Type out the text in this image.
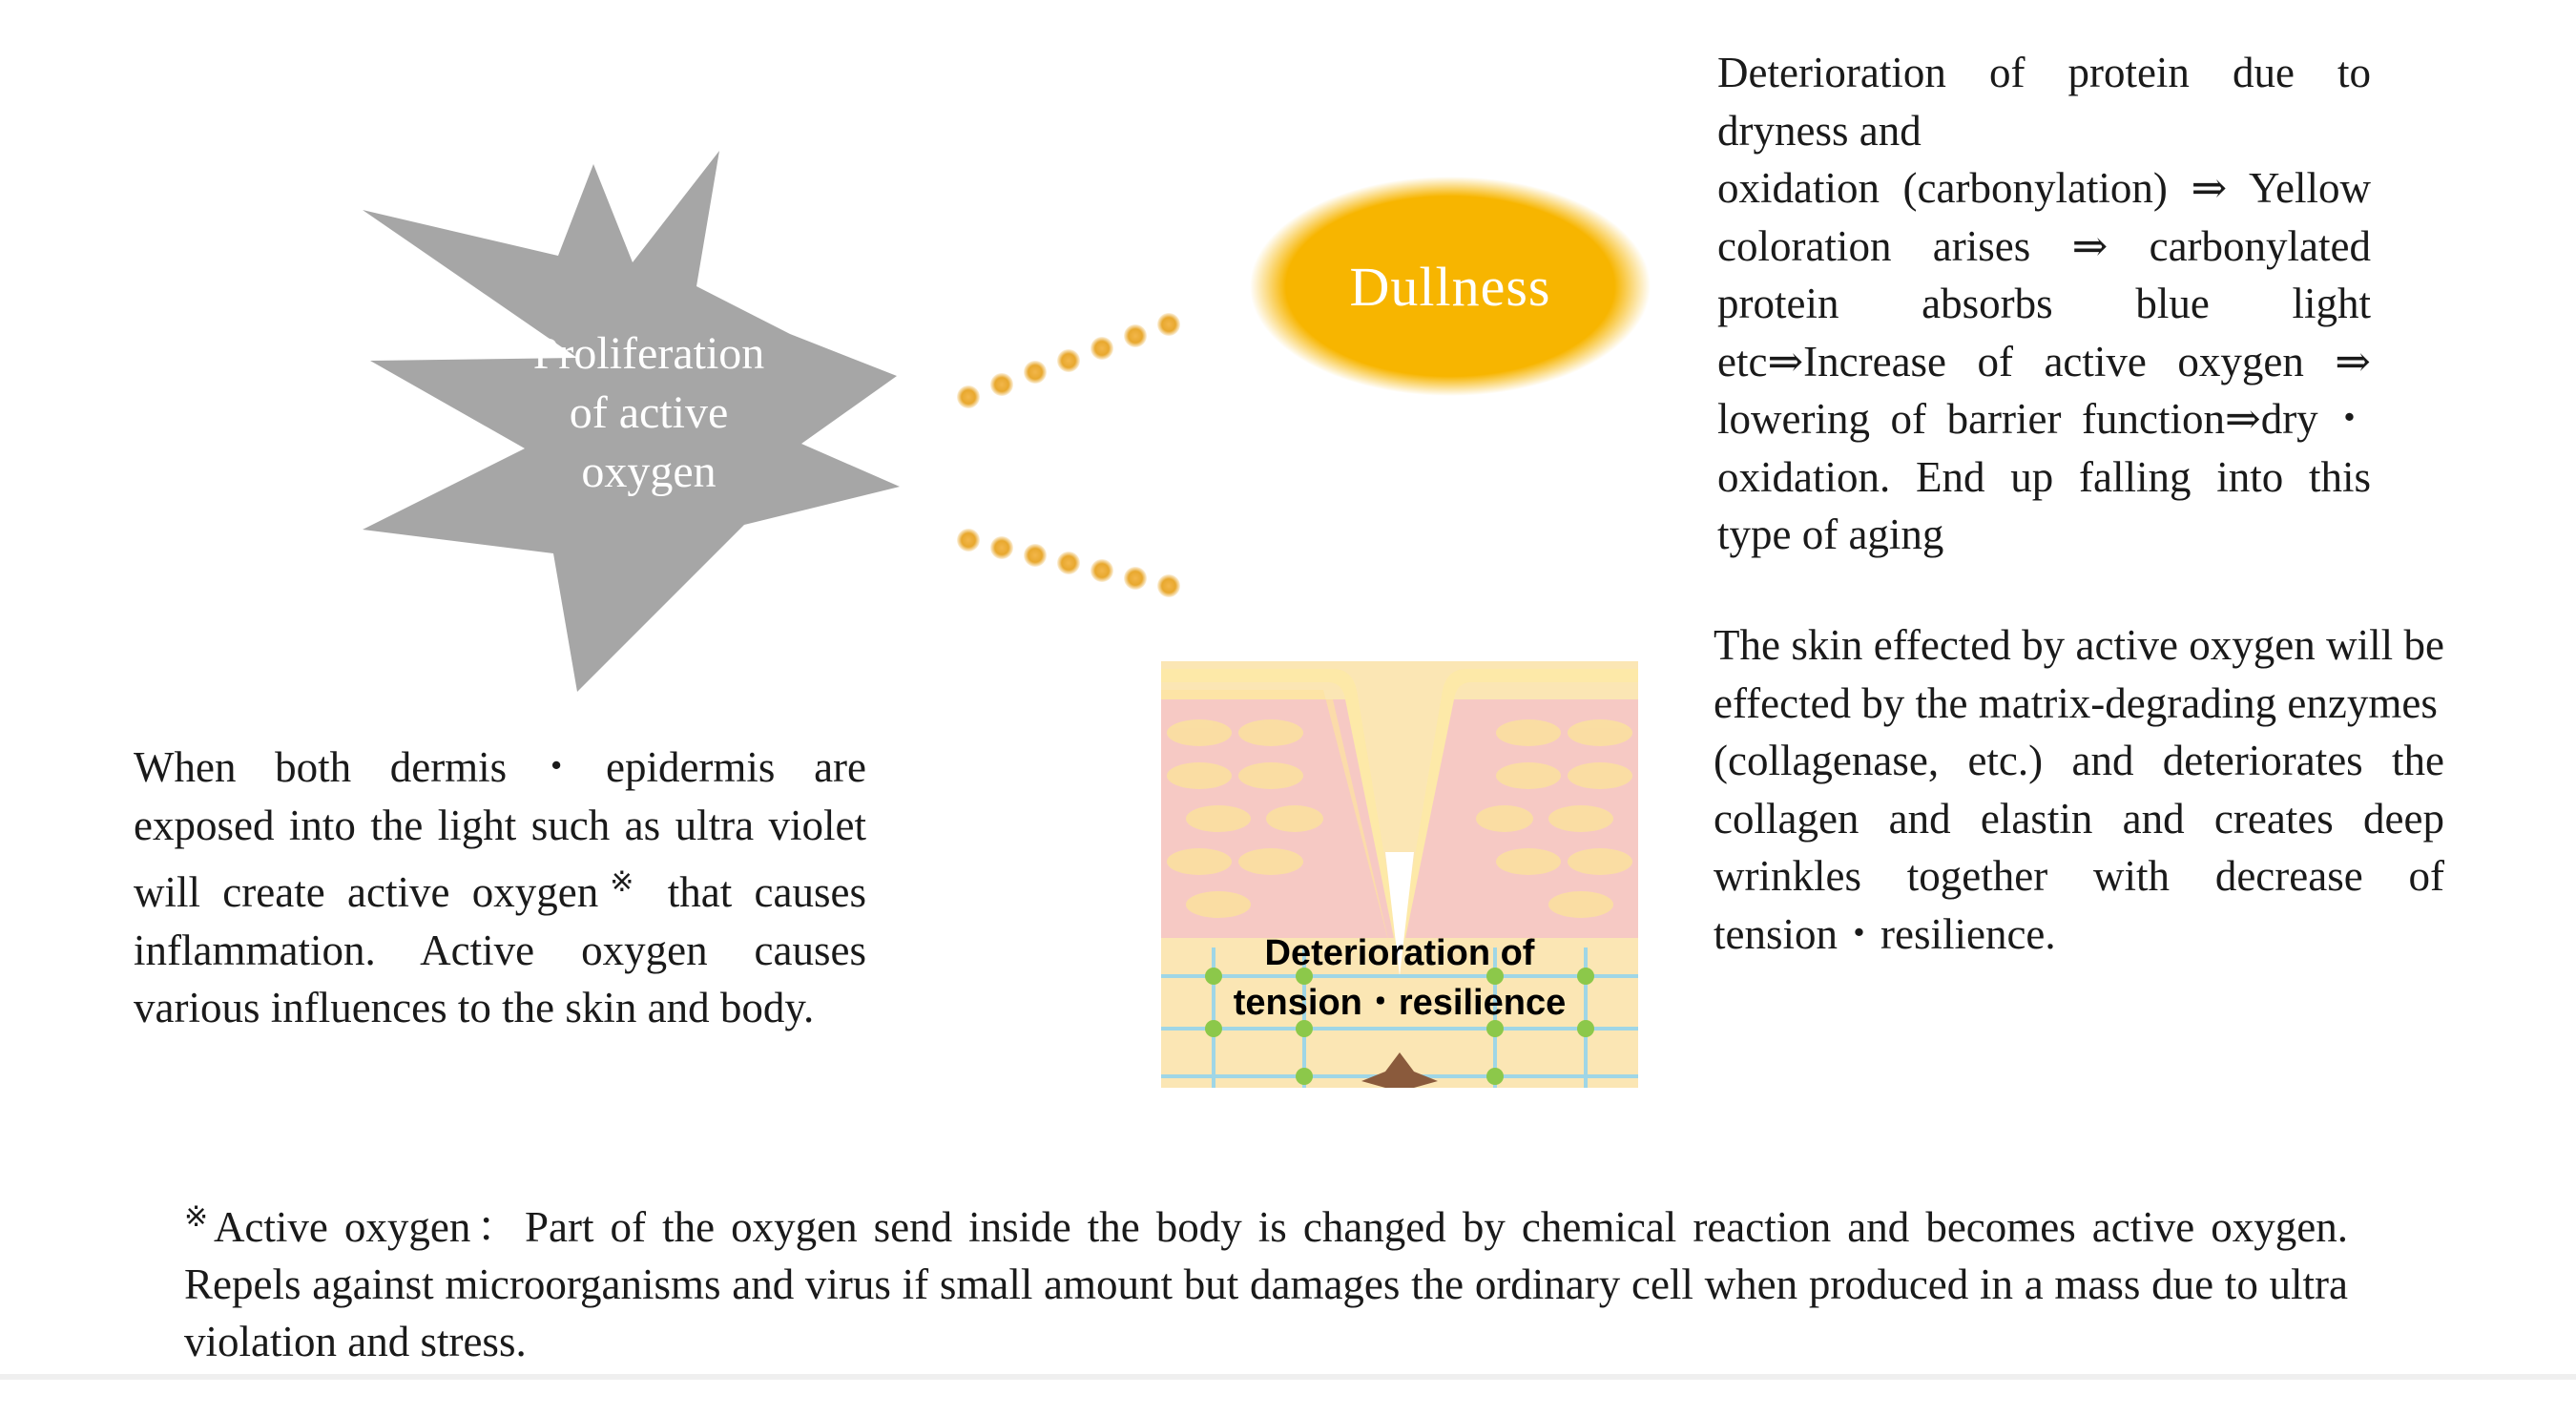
Proliferation
of active
oxygen
Dullness
Deterioration of protein due to dryness and
oxidation (carbonylation) ⇒ Yellow coloration arises ⇒ carbonylated protein absorbs blue light etc⇒Increase of active oxygen ⇒ lowering of barrier function⇒dry・oxidation. End up falling into this type of aging
Deterioration of
tension・resilience
The skin effected by active oxygen will be effected by the matrix-degrading enzymes
(collagenase, etc.) and deteriorates the collagen and elastin and creates deep wrinkles together with decrease of tension・resilience.
When both dermis・epidermis are exposed into the light such as ultra violet will create active oxygen※ that causes inflammation. Active oxygen causes various influences to the skin and body.
※Active oxygen：Part of the oxygen send inside the body is changed by chemical reaction and becomes active oxygen. Repels against microorganisms and virus if small amount but damages the ordinary cell when produced in a mass due to ultra violation and stress.
